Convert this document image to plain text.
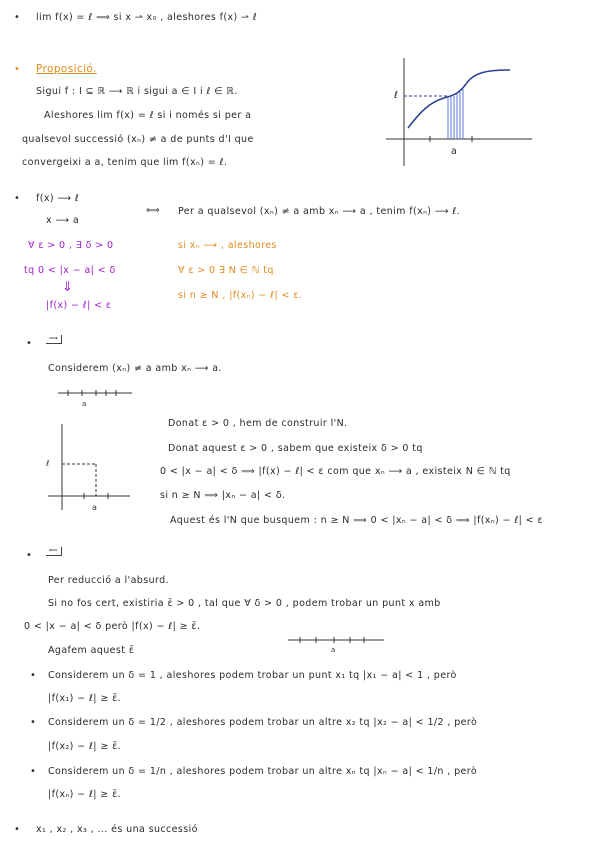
• lim f(x) = ℓ ⟹ si x ⇀ x₀ , aleshores f(x) ⇀ ℓ
• Proposició.
Sigui f : I ⊆ ℝ ⟶ ℝ i sigui a ∈ I i ℓ ∈ ℝ.
Aleshores lim f(x) = ℓ si i només si per a
qualsevol successió (xₙ) ≠ a de punts d'I que
convergeixi a a, tenim que lim f(xₙ) = ℓ.
ℓ
a
• f(x) ⟶ ℓ
x ⟶ a
⟺ Per a qualsevol (xₙ) ≠ a amb xₙ ⟶ a , tenim f(xₙ) ⟶ ℓ.
∀ ε > 0 , ∃ δ > 0
tq 0 < |x − a| < δ
⇓
|f(x) − ℓ| < ε
si xₙ ⟶ , aleshores
∀ ε > 0 ∃ N ∈ ℕ tq
si n ≥ N , |f(xₙ) − ℓ| < ε.
•	⟹
Considerem (xₙ) ≠ a amb xₙ ⟶ a.
a
ℓ
a
Donat ε > 0 , hem de construir l'N.
Donat aquest ε > 0 , sabem que existeix δ > 0 tq
0 < |x − a| < δ ⟹ |f(x) − ℓ| < ε com que xₙ ⟶ a , existeix N ∈ ℕ tq
si n ≥ N ⟹ |xₙ − a| < δ.
Aquest és l'N que busquem : n ≥ N ⟹ 0 < |xₙ − a| < δ ⟹ |f(xₙ) − ℓ| < ε
•	⟸
Per reducció a l'absurd.
Si no fos cert, existiria ε̄ > 0 , tal que ∀ δ > 0 , podem trobar un punt x amb
0 < |x − a| < δ però |f(x) − ℓ| ≥ ε̄.
Agafem aquest ε̄	a
• Considerem un δ = 1 , aleshores podem trobar un punt x₁ tq |x₁ − a| < 1 , però
|f(x₁) − ℓ| ≥ ε̄.
• Considerem un δ = 1/2 , aleshores podem trobar un altre x₂ tq |x₂ − a| < 1/2 , però
|f(x₂) − ℓ| ≥ ε̄.
• Considerem un δ = 1/n , aleshores podem trobar un altre xₙ tq |xₙ − a| < 1/n , però
|f(xₙ) − ℓ| ≥ ε̄.
• x₁ , x₂ , x₃ , ... és una successió
